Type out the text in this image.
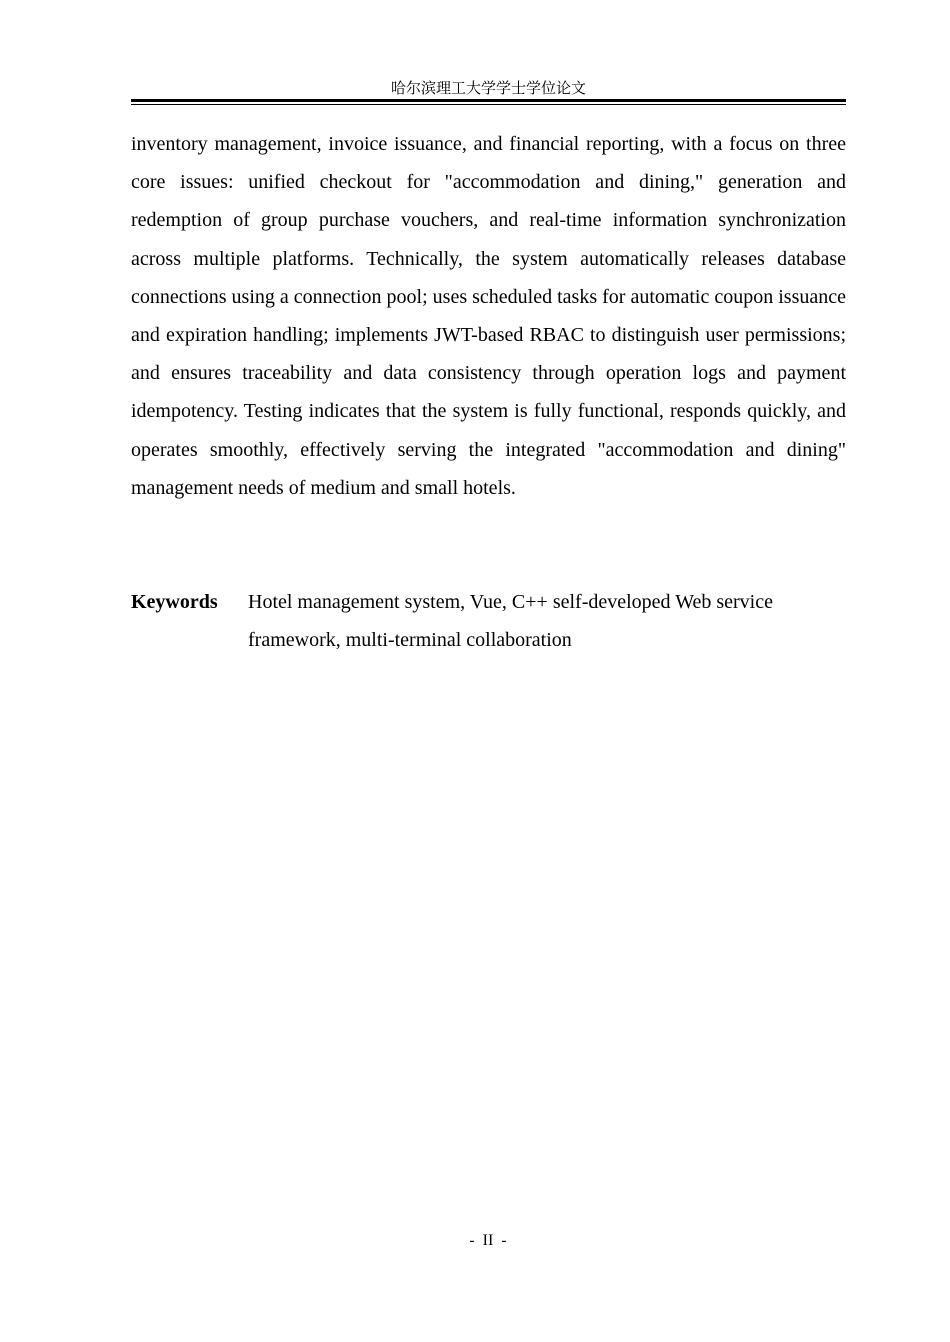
哈尔滨理工大学学士学位论文

inventory management, invoice issuance, and financial reporting, with a focus on three core issues: unified checkout for "accommodation and dining," generation and redemption of group purchase vouchers, and real-time information synchronization across multiple platforms. Technically, the system automatically releases database connections using a connection pool; uses scheduled tasks for automatic coupon issuance and expiration handling; implements JWT-based RBAC to distinguish user permissions; and ensures traceability and data consistency through operation logs and payment idempotency. Testing indicates that the system is fully functional, responds quickly, and operates smoothly, effectively serving the integrated "accommodation and dining" management needs of medium and small hotels.

Keywords	Hotel management system, Vue, C++ self-developed Web service framework, multi-terminal collaboration
- II -
